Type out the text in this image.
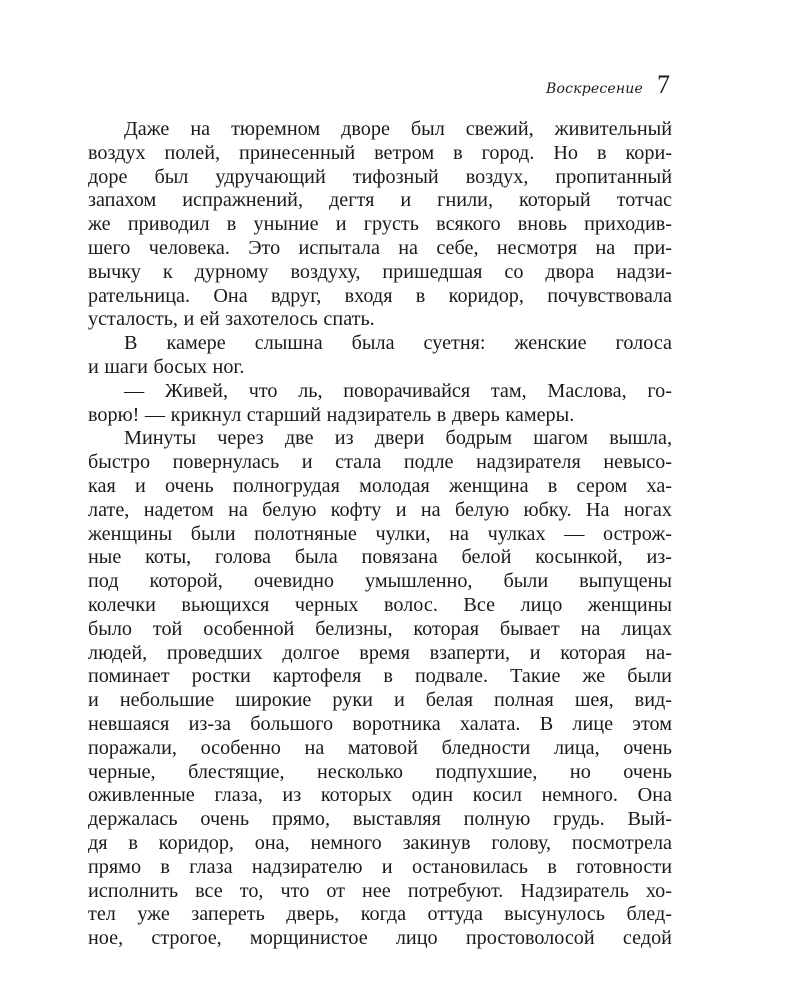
Воскресение 7
Даже на тюремном дворе был свежий, живительный
воздух полей, принесенный ветром в город. Но в кори-
доре был удручающий тифозный воздух, пропитанный
запахом испражнений, дегтя и гнили, который тотчас
же приводил в уныние и грусть всякого вновь приходив-
шего человека. Это испытала на себе, несмотря на при-
вычку к дурному воздуху, пришедшая со двора надзи-
рательница. Она вдруг, входя в коридор, почувствовала
усталость, и ей захотелось спать.
В камере слышна была суетня: женские голоса
и шаги босых ног.
— Живей, что ль, поворачивайся там, Маслова, го-
ворю! — крикнул старший надзиратель в дверь камеры.
Минуты через две из двери бодрым шагом вышла,
быстро повернулась и стала подле надзирателя невысо-
кая и очень полногрудая молодая женщина в сером ха-
лате, надетом на белую кофту и на белую юбку. На ногах
женщины были полотняные чулки, на чулках — острож-
ные коты, голова была повязана белой косынкой, из-
под которой, очевидно умышленно, были выпущены
колечки вьющихся черных волос. Все лицо женщины
было той особенной белизны, которая бывает на лицах
людей, проведших долгое время взаперти, и которая на-
поминает ростки картофеля в подвале. Такие же были
и небольшие широкие руки и белая полная шея, вид-
невшаяся из-за большого воротника халата. В лице этом
поражали, особенно на матовой бледности лица, очень
черные, блестящие, несколько подпухшие, но очень
оживленные глаза, из которых один косил немного. Она
держалась очень прямо, выставляя полную грудь. Вый-
дя в коридор, она, немного закинув голову, посмотрела
прямо в глаза надзирателю и остановилась в готовности
исполнить все то, что от нее потребуют. Надзиратель хо-
тел уже запереть дверь, когда оттуда высунулось блед-
ное, строгое, морщинистое лицо простоволосой седой
